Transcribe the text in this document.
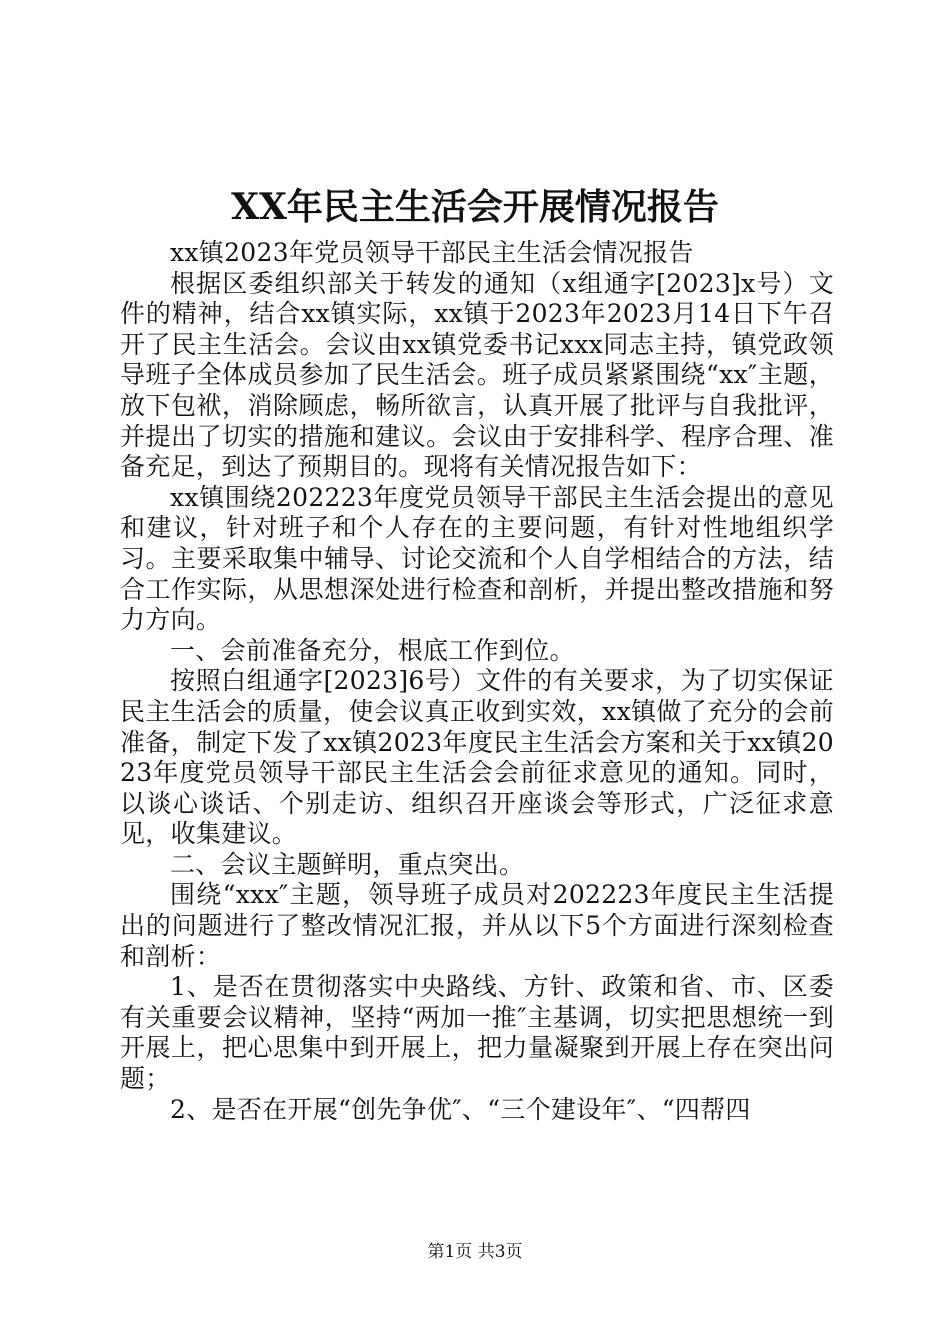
XX年民主生活会开展情况报告

xx镇2023年党员领导干部民主生活会情况报告

根据区委组织部关于转发的通知（x组通字[2023]x号）文件的精神，结合xx镇实际，xx镇于2023年2023月14日下午召开了民主生活会。会议由xx镇党委书记xxx同志主持，镇党政领导班子全体成员参加了民生活会。班子成员紧紧围绕“xx″主题，放下包袱，消除顾虑，畅所欲言，认真开展了批评与自我批评，并提出了切实的措施和建议。会议由于安排科学、程序合理、准备充足，到达了预期目的。现将有关情况报告如下：

xx镇围绕202223年度党员领导干部民主生活会提出的意见和建议，针对班子和个人存在的主要问题，有针对性地组织学习。主要采取集中辅导、讨论交流和个人自学相结合的方法，结合工作实际，从思想深处进行检查和剖析，并提出整改措施和努力方向。

一、会前准备充分，根底工作到位。

按照白组通字[2023]6号）文件的有关要求，为了切实保证民主生活会的质量，使会议真正收到实效，xx镇做了充分的会前准备，制定下发了xx镇2023年度民主生活会方案和关于xx镇2023年度党员领导干部民主生活会会前征求意见的通知。同时，以谈心谈话、个别走访、组织召开座谈会等形式，广泛征求意见，收集建议。

二、会议主题鲜明，重点突出。

围绕“xxx″主题，领导班子成员对202223年度民主生活提出的问题进行了整改情况汇报，并从以下5个方面进行深刻检查和剖析：

1、是否在贯彻落实中央路线、方针、政策和省、市、区委有关重要会议精神，坚持“两加一推″主基调，切实把思想统一到开展上，把心思集中到开展上，把力量凝聚到开展上存在突出问题；

2、是否在开展“创先争优″、“三个建设年″、“四帮四

第1页 共3页
